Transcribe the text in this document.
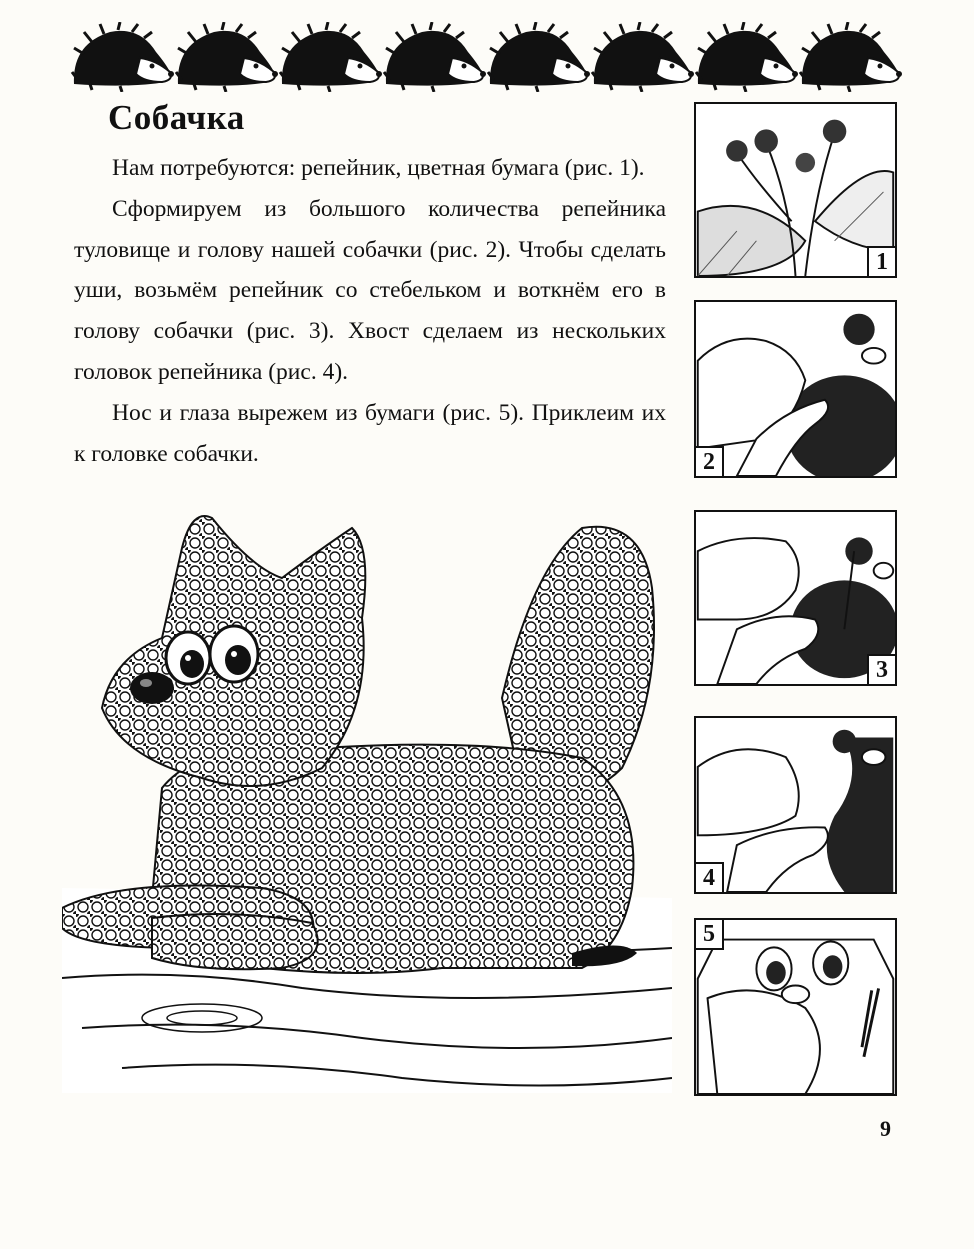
Собачка

Нам потребуются: репейник, цветная бумага (рис. 1).

Сформируем из большого количества репейника туловище и голову нашей собачки (рис. 2). Чтобы сделать уши, возьмём репейник со стебельком и воткнём его в голову собачки (рис. 3). Хвост сделаем из нескольких головок репейника (рис. 4).

Нос и глаза вырежем из бумаги (рис. 5). Приклеим их к головке собачки.

1
2
3
4
5
9
